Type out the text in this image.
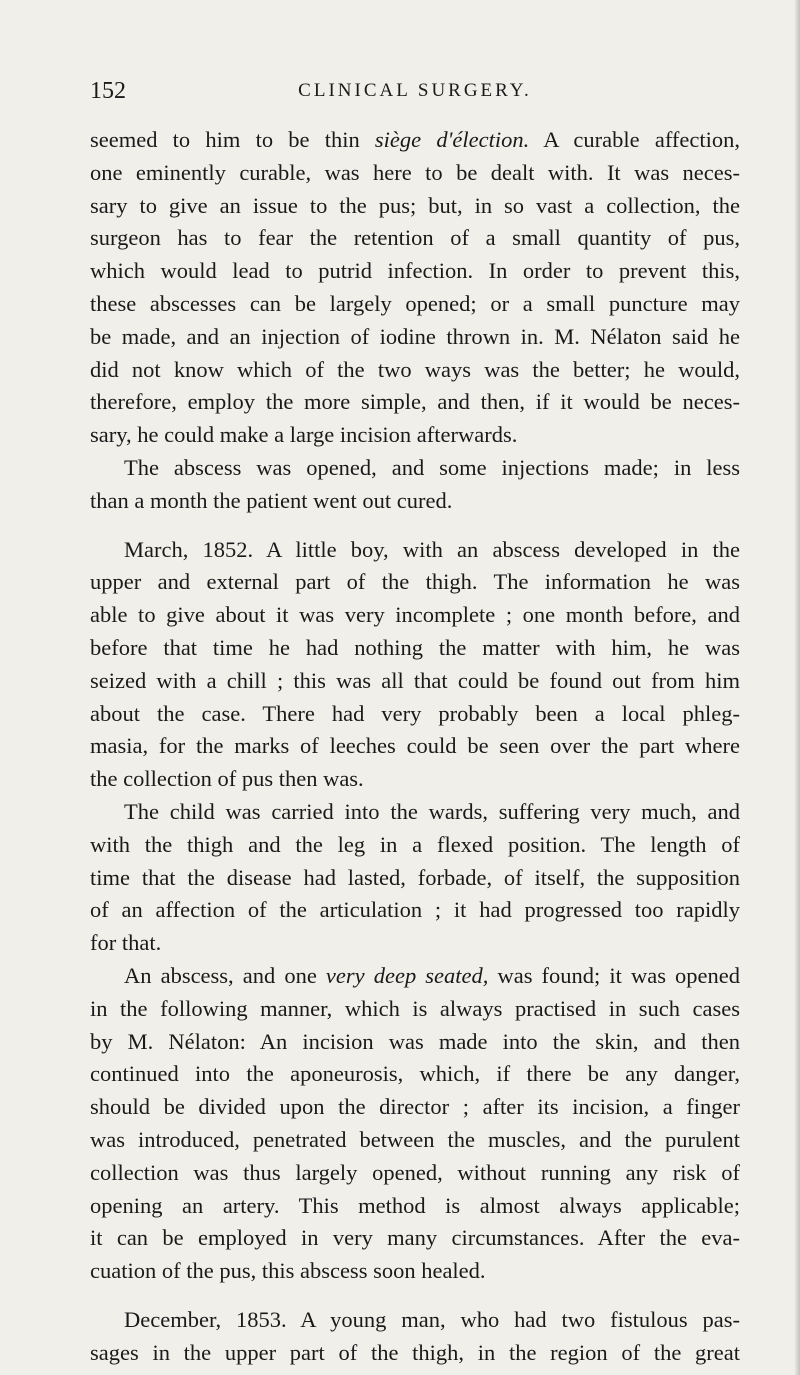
152	CLINICAL SURGERY.
seemed to him to be thin siège d'élection. A curable affection,
one eminently curable, was here to be dealt with. It was neces-
sary to give an issue to the pus; but, in so vast a collection, the
surgeon has to fear the retention of a small quantity of pus,
which would lead to putrid infection. In order to prevent this,
these abscesses can be largely opened; or a small puncture may
be made, and an injection of iodine thrown in. M. Nélaton said he
did not know which of the two ways was the better; he would,
therefore, employ the more simple, and then, if it would be neces-
sary, he could make a large incision afterwards.
The abscess was opened, and some injections made; in less
than a month the patient went out cured.
March, 1852. A little boy, with an abscess developed in the
upper and external part of the thigh. The information he was
able to give about it was very incomplete ; one month before, and
before that time he had nothing the matter with him, he was
seized with a chill ; this was all that could be found out from him
about the case. There had very probably been a local phleg-
masia, for the marks of leeches could be seen over the part where
the collection of pus then was.
The child was carried into the wards, suffering very much, and
with the thigh and the leg in a flexed position. The length of
time that the disease had lasted, forbade, of itself, the supposition
of an affection of the articulation ; it had progressed too rapidly
for that.
An abscess, and one very deep seated, was found; it was opened
in the following manner, which is always practised in such cases
by M. Nélaton: An incision was made into the skin, and then
continued into the aponeurosis, which, if there be any danger,
should be divided upon the director ; after its incision, a finger
was introduced, penetrated between the muscles, and the purulent
collection was thus largely opened, without running any risk of
opening an artery. This method is almost always applicable;
it can be employed in very many circumstances. After the eva-
cuation of the pus, this abscess soon healed.
December, 1853. A young man, who had two fistulous pas-
sages in the upper part of the thigh, in the region of the great
